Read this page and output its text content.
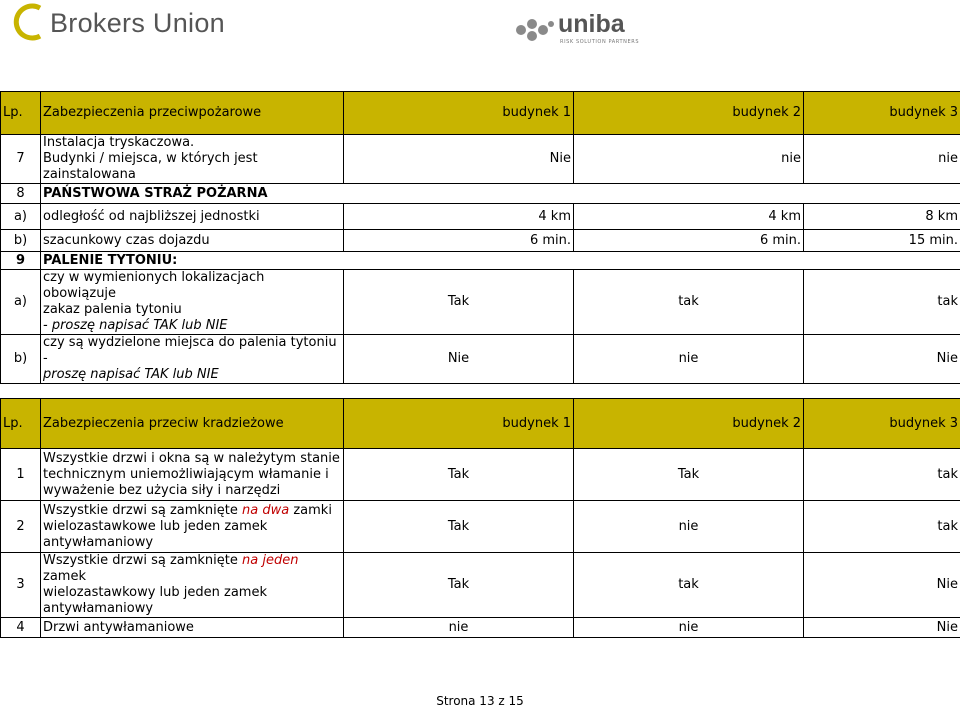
Brokers Union	uniba
RISK SOLUTION PARTNERS
Lp.	Zabezpieczenia przeciwpożarowe	budynek 1	budynek 2	budynek 3
7	Instalacja tryskaczowa.
Budynki / miejsca, w których jest
zainstalowana	Nie	nie	nie
8	PAŃSTWOWA STRAŻ POŻARNA			
a)	odległość od najbliższej jednostki	4 km	4 km	8 km
b)	szacunkowy czas dojazdu	6 min.	6 min.	15 min.
9	PALENIE TYTONIU:			
a)	czy w wymienionych lokalizacjach obowiązuje
zakaz palenia tytoniu
- proszę napisać TAK lub NIE	Tak	tak	tak
b)	czy są wydzielone miejsca do palenia tytoniu -
proszę napisać TAK lub NIE	Nie	nie	Nie
Lp.	Zabezpieczenia przeciw kradzieżowe	budynek 1	budynek 2	budynek 3
1	Wszystkie drzwi i okna są w należytym stanie
technicznym uniemożliwiającym włamanie i
wyważenie bez użycia siły i narzędzi	Tak	Tak	tak
2	Wszystkie drzwi są zamknięte na dwa zamki
wielozastawkowe lub jeden zamek
antywłamaniowy	Tak	nie	tak
3	Wszystkie drzwi są zamknięte na jeden zamek
wielozastawkowy lub jeden zamek
antywłamaniowy	Tak	tak	Nie
4	Drzwi antywłamaniowe	nie	nie	Nie
Strona 13 z 15
